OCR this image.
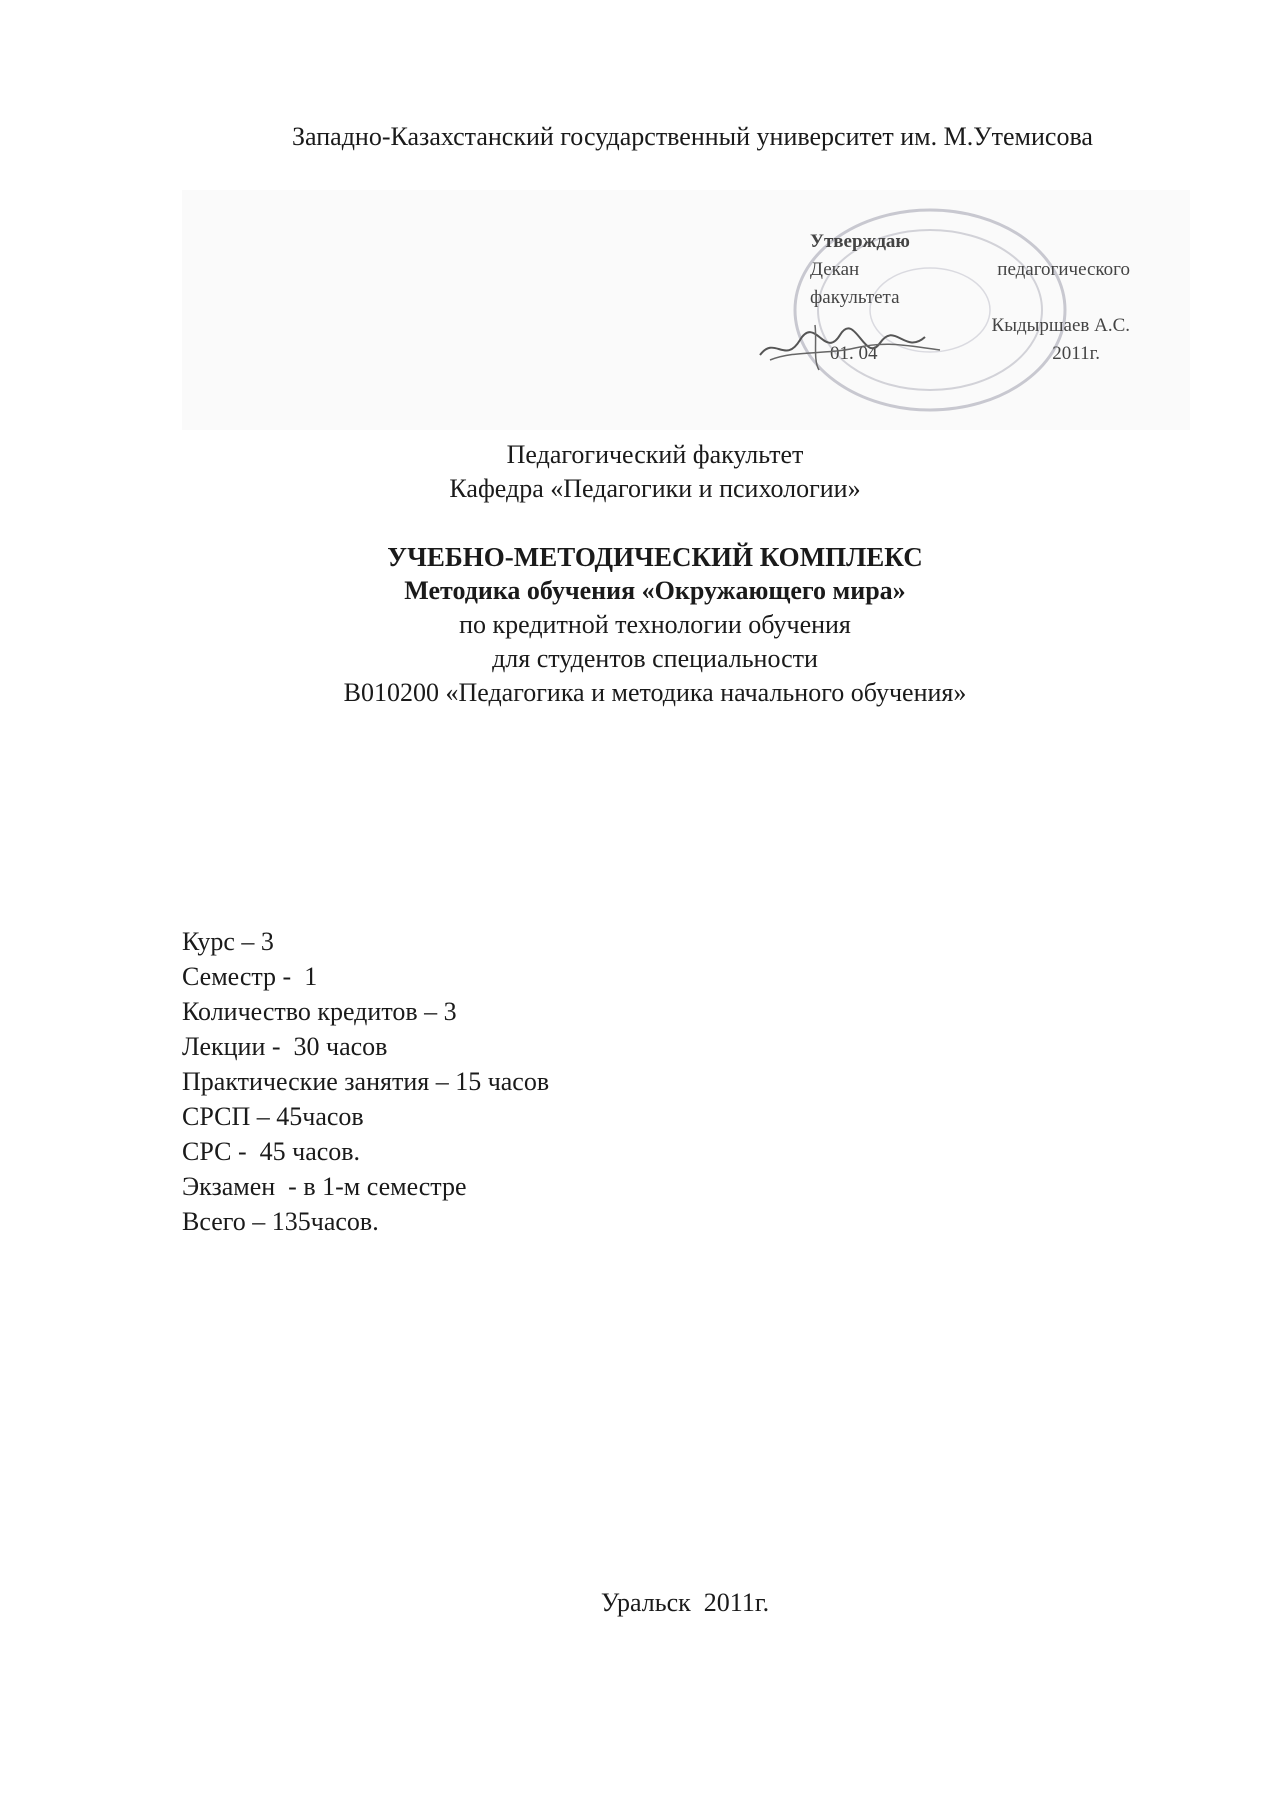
Западно-Казахстанский государственный университет им. М.Утемисова
Утверждаю
Декан	педагогического
факультета
Кыдыршаев А.С.
01. 04	2011г.
Педагогический факультет
Кафедра «Педагогики и психологии»
УЧЕБНО-МЕТОДИЧЕСКИЙ КОМПЛЕКС
Методика обучения «Окружающего мира»
по кредитной технологии обучения
для студентов специальности
В010200 «Педагогика и методика начального обучения»
Курс – 3
Семестр -  1
Количество кредитов – 3
Лекции -  30 часов
Практические занятия – 15 часов
СРСП – 45часов
СРС -  45 часов.
Экзамен  - в 1-м семестре
Всего – 135часов.
Уральск  2011г.
